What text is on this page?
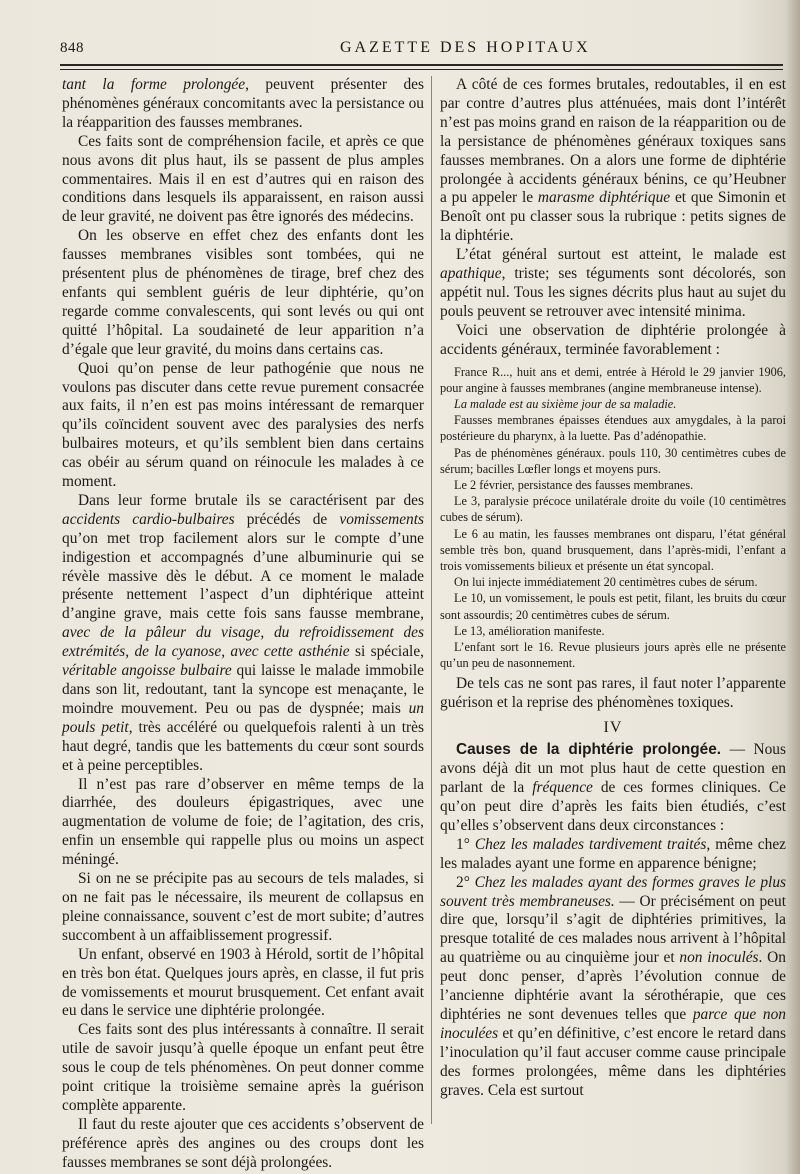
848	GAZETTE DES HOPITAUX

tant la forme prolongée, peuvent présenter des phénomènes généraux concomitants avec la persistance ou la réapparition des fausses membranes.

Ces faits sont de compréhension facile, et après ce que nous avons dit plus haut, ils se passent de plus amples commentaires. Mais il en est d’autres qui en raison des conditions dans lesquels ils apparaissent, en raison aussi de leur gravité, ne doivent pas être ignorés des médecins.

On les observe en effet chez des enfants dont les fausses membranes visibles sont tombées, qui ne présentent plus de phénomènes de tirage, bref chez des enfants qui semblent guéris de leur diphtérie, qu’on regarde comme convalescents, qui sont levés ou qui ont quitté l’hôpital. La soudaineté de leur apparition n’a d’égale que leur gravité, du moins dans certains cas.

Quoi qu’on pense de leur pathogénie que nous ne voulons pas discuter dans cette revue purement consacrée aux faits, il n’en est pas moins intéressant de remarquer qu’ils coïncident souvent avec des paralysies des nerfs bulbaires moteurs, et qu’ils semblent bien dans certains cas obéir au sérum quand on réinocule les malades à ce moment.

Dans leur forme brutale ils se caractérisent par des accidents cardio-bulbaires précédés de vomissements qu’on met trop facilement alors sur le compte d’une indigestion et accompagnés d’une albuminurie qui se révèle massive dès le début. A ce moment le malade présente nettement l’aspect d’un diphtérique atteint d’angine grave, mais cette fois sans fausse membrane, avec de la pâleur du visage, du refroidissement des extrémités, de la cyanose, avec cette asthénie si spéciale, véritable angoisse bulbaire qui laisse le malade immobile dans son lit, redoutant, tant la syncope est menaçante, le moindre mouvement. Peu ou pas de dyspnée; mais un pouls petit, très accéléré ou quelquefois ralenti à un très haut degré, tandis que les battements du cœur sont sourds et à peine perceptibles.

Il n’est pas rare d’observer en même temps de la diarrhée, des douleurs épigastriques, avec une augmentation de volume de foie; de l’agitation, des cris, enfin un ensemble qui rappelle plus ou moins un aspect méningé.

Si on ne se précipite pas au secours de tels malades, si on ne fait pas le nécessaire, ils meurent de collapsus en pleine connaissance, souvent c’est de mort subite; d’autres succombent à un affaiblissement progressif.

Un enfant, observé en 1903 à Hérold, sortit de l’hôpital en très bon état. Quelques jours après, en classe, il fut pris de vomissements et mourut brusquement. Cet enfant avait eu dans le service une diphtérie prolongée.

Ces faits sont des plus intéressants à connaître. Il serait utile de savoir jusqu’à quelle époque un enfant peut être sous le coup de tels phénomènes. On peut donner comme point critique la troisième semaine après la guérison complète apparente.

Il faut du reste ajouter que ces accidents s’observent de préférence après des angines ou des croups dont les fausses membranes se sont déjà prolongées.

A côté de ces formes brutales, redoutables, il en est par contre d’autres plus atténuées, mais dont l’intérêt n’est pas moins grand en raison de la réapparition ou de la persistance de phénomènes généraux toxiques sans fausses membranes. On a alors une forme de diphtérie prolongée à accidents généraux bénins, ce qu’Heubner a pu appeler le marasme diphtérique et que Simonin et Benoît ont pu classer sous la rubrique : petits signes de la diphtérie.

L’état général surtout est atteint, le malade est apathique, triste; ses téguments sont décolorés, son appétit nul. Tous les signes décrits plus haut au sujet du pouls peuvent se retrouver avec intensité minima.

Voici une observation de diphtérie prolongée à accidents généraux, terminée favorablement :

France R..., huit ans et demi, entrée à Hérold le 29 janvier 1906, pour angine à fausses membranes (angine membraneuse intense).

La malade est au sixième jour de sa maladie.

Fausses membranes épaisses étendues aux amygdales, à la paroi postérieure du pharynx, à la luette. Pas d’adénopathie.

Pas de phénomènes généraux. pouls 110, 30 centimètres cubes de sérum; bacilles Lœfler longs et moyens purs.

Le 2 février, persistance des fausses membranes.

Le 3, paralysie précoce unilatérale droite du voile (10 centimètres cubes de sérum).

Le 6 au matin, les fausses membranes ont disparu, l’état général semble très bon, quand brusquement, dans l’après-midi, l’enfant a trois vomissements bilieux et présente un état syncopal.

On lui injecte immédiatement 20 centimètres cubes de sérum.

Le 10, un vomissement, le pouls est petit, filant, les bruits du cœur sont assourdis; 20 centimètres cubes de sérum.

Le 13, amélioration manifeste.

L’enfant sort le 16. Revue plusieurs jours après elle ne présente qu’un peu de nasonnement.

De tels cas ne sont pas rares, il faut noter l’apparente guérison et la reprise des phénomènes toxiques.

IV

Causes de la diphtérie prolongée. — Nous avons déjà dit un mot plus haut de cette question en parlant de la fréquence de ces formes cliniques. Ce qu’on peut dire d’après les faits bien étudiés, c’est qu’elles s’observent dans deux circonstances :

1° Chez les malades tardivement traités, même chez les malades ayant une forme en apparence bénigne;

2° Chez les malades ayant des formes graves le plus souvent très membraneuses. — Or précisément on peut dire que, lorsqu’il s’agit de diphtéries primitives, la presque totalité de ces malades nous arrivent à l’hôpital au quatrième ou au cinquième jour et non inoculés. On peut donc penser, d’après l’évolution connue de l’ancienne diphtérie avant la sérothérapie, que ces diphtéries ne sont devenues telles que parce que non inoculées et qu’en définitive, c’est encore le retard dans l’inoculation qu’il faut accuser comme cause principale des formes prolongées, même dans les diphtéries graves. Cela est surtout
